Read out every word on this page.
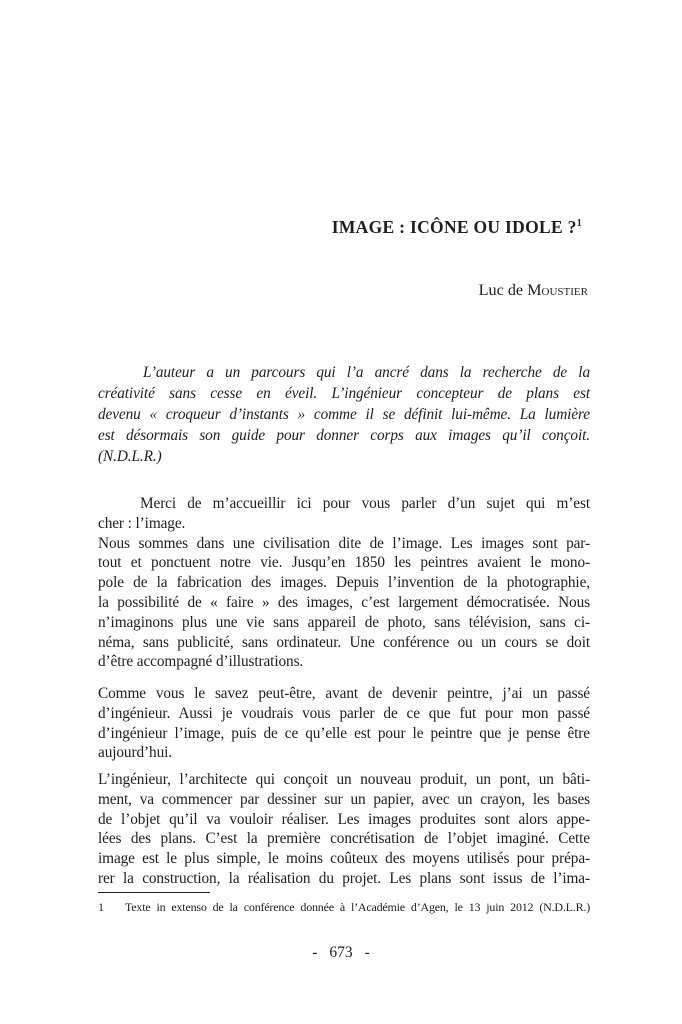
IMAGE : ICÔNE OU IDOLE ?$^1$
Luc de Moustier
L’auteur a un parcours qui l’a ancré dans la recherche de la
créativité sans cesse en éveil. L’ingénieur concepteur de plans est
devenu « croqueur d’instants » comme il se définit lui-même. La lumière
est désormais son guide pour donner corps aux images qu’il conçoit.
(N.D.L.R.)
Merci de m’accueillir ici pour vous parler d’un sujet qui m’est
cher : l’image.
Nous sommes dans une civilisation dite de l’image. Les images sont par-
tout et ponctuent notre vie. Jusqu’en 1850 les peintres avaient le mono-
pole de la fabrication des images. Depuis l’invention de la photographie,
la possibilité de « faire » des images, c’est largement démocratisée. Nous
n’imaginons plus une vie sans appareil de photo, sans télévision, sans ci-
néma, sans publicité, sans ordinateur. Une conférence ou un cours se doit
d’être accompagné d’illustrations.
Comme vous le savez peut-être, avant de devenir peintre, j’ai un passé
d’ingénieur. Aussi je voudrais vous parler de ce que fut pour mon passé
d’ingénieur l’image, puis de ce qu’elle est pour le peintre que je pense être
aujourd’hui.
L’ingénieur, l’architecte qui conçoit un nouveau produit, un pont, un bâti-
ment, va commencer par dessiner sur un papier, avec un crayon, les bases
de l’objet qu’il va vouloir réaliser. Les images produites sont alors appe-
lées des plans. C’est la première concrétisation de l’objet imaginé. Cette
image est le plus simple, le moins coûteux des moyens utilisés pour prépa-
rer la construction, la réalisation du projet. Les plans sont issus de l’ima-
1	Texte in extenso de la conférence donnée à l’Académie d’Agen, le 13 juin 2012 (N.D.L.R.)
- 673 -
